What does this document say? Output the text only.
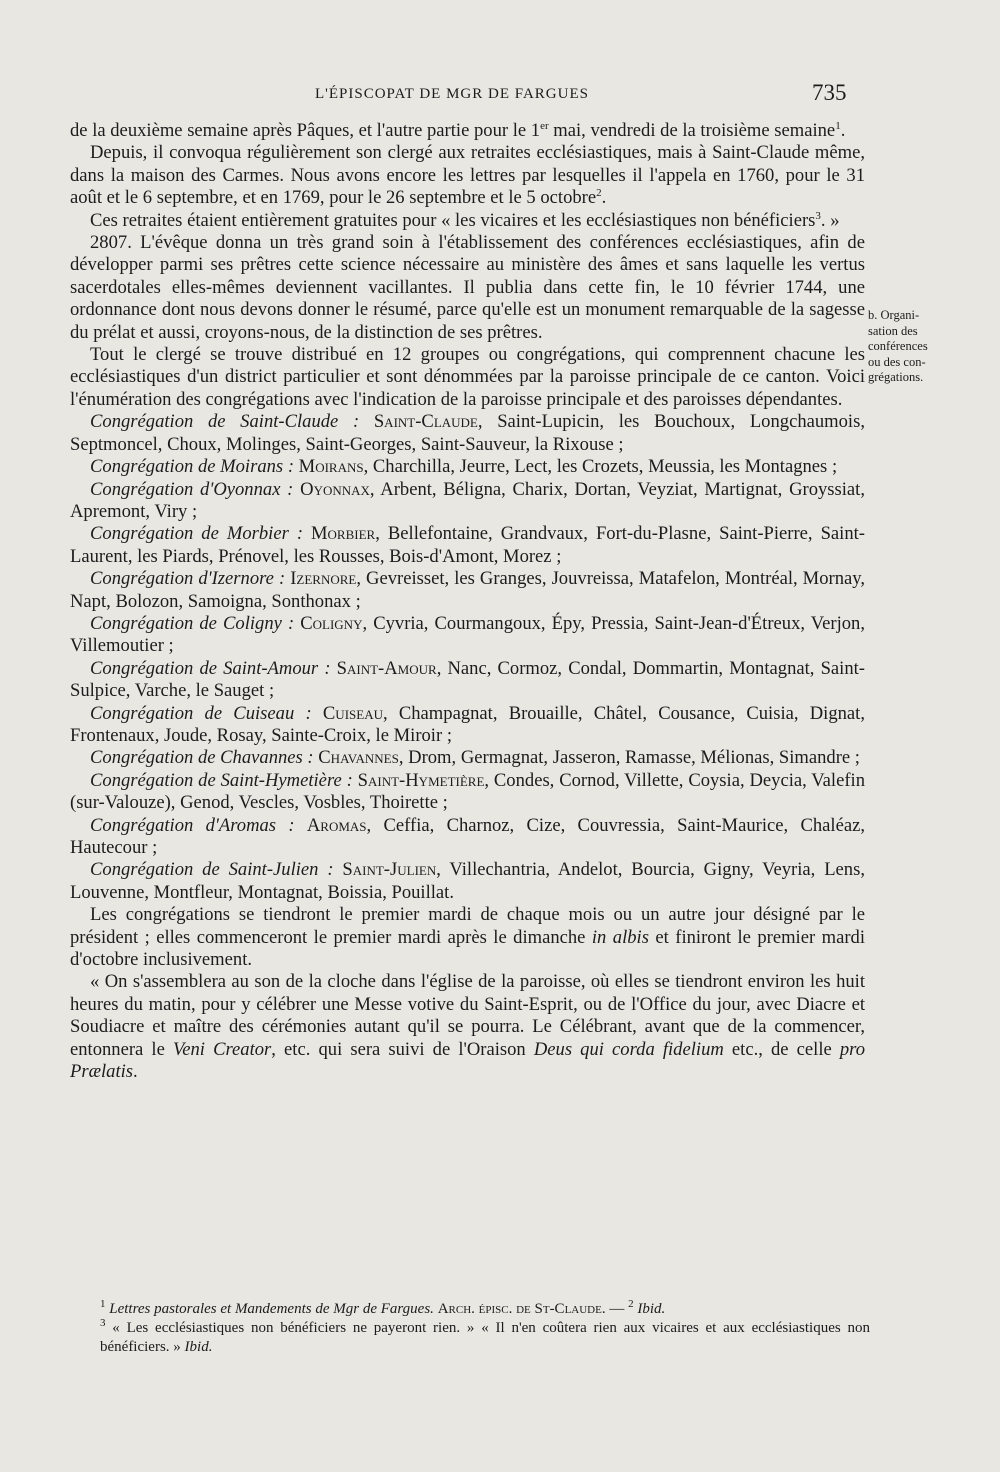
L'ÉPISCOPAT DE MGR DE FARGUES	735

de la deuxième semaine après Pâques, et l'autre partie pour le 1er mai, vendredi de la troisième semaine$^1$.

Depuis, il convoqua régulièrement son clergé aux retraites ecclésiastiques, mais à Saint-Claude même, dans la maison des Carmes. Nous avons encore les lettres par lesquelles il l'appela en 1760, pour le 31 août et le 6 septembre, et en 1769, pour le 26 septembre et le 5 octobre$^2$.

Ces retraites étaient entièrement gratuites pour « les vicaires et les ecclésiastiques non bénéficiers$^3$. »

2807. L'évêque donna un très grand soin à l'établissement des conférences ecclésiastiques, afin de développer parmi ses prêtres cette science nécessaire au ministère des âmes et sans laquelle les vertus sacerdotales elles-mêmes deviennent vacillantes. Il publia dans cette fin, le 10 février 1744, une ordonnance dont nous devons donner le résumé, parce qu'elle est un monument remarquable de la sagesse du prélat et aussi, croyons-nous, de la distinction de ses prêtres.

Tout le clergé se trouve distribué en 12 groupes ou congrégations, qui comprennent chacune les ecclésiastiques d'un district particulier et sont dénommées par la paroisse principale de ce canton. Voici l'énumération des congrégations avec l'indication de la paroisse principale et des paroisses dépendantes.

Congrégation de Saint-Claude : Saint-Claude, Saint-Lupicin, les Bouchoux, Longchaumois, Septmoncel, Choux, Molinges, Saint-Georges, Saint-Sauveur, la Rixouse ;

Congrégation de Moirans : Moirans, Charchilla, Jeurre, Lect, les Crozets, Meussia, les Montagnes ;

Congrégation d'Oyonnax : Oyonnax, Arbent, Béligna, Charix, Dortan, Veyziat, Martignat, Groyssiat, Apremont, Viry ;

Congrégation de Morbier : Morbier, Bellefontaine, Grandvaux, Fort-du-Plasne, Saint-Pierre, Saint-Laurent, les Piards, Prénovel, les Rousses, Bois-d'Amont, Morez ;

Congrégation d'Izernore : Izernore, Gevreisset, les Granges, Jouvreissa, Matafelon, Montréal, Mornay, Napt, Bolozon, Samoigna, Sonthonax ;

Congrégation de Coligny : Coligny, Cyvria, Courmangoux, Épy, Pressia, Saint-Jean-d'Étreux, Verjon, Villemoutier ;

Congrégation de Saint-Amour : Saint-Amour, Nanc, Cormoz, Condal, Dommartin, Montagnat, Saint-Sulpice, Varche, le Sauget ;

Congrégation de Cuiseau : Cuiseau, Champagnat, Brouaille, Châtel, Cousance, Cuisia, Dignat, Frontenaux, Joude, Rosay, Sainte-Croix, le Miroir ;

Congrégation de Chavannes : Chavannes, Drom, Germagnat, Jasseron, Ramasse, Mélionas, Simandre ;

Congrégation de Saint-Hymetière : Saint-Hymetière, Condes, Cornod, Villette, Coysia, Deycia, Valefin (sur-Valouze), Genod, Vescles, Vosbles, Thoirette ;

Congrégation d'Aromas : Aromas, Ceffia, Charnoz, Cize, Couvressia, Saint-Maurice, Chaléaz, Hautecour ;

Congrégation de Saint-Julien : Saint-Julien, Villechantria, Andelot, Bourcia, Gigny, Veyria, Lens, Louvenne, Montfleur, Montagnat, Boissia, Pouillat.

Les congrégations se tiendront le premier mardi de chaque mois ou un autre jour désigné par le président ; elles commenceront le premier mardi après le dimanche in albis et finiront le premier mardi d'octobre inclusivement.

« On s'assemblera au son de la cloche dans l'église de la paroisse, où elles se tiendront environ les huit heures du matin, pour y célébrer une Messe votive du Saint-Esprit, ou de l'Office du jour, avec Diacre et Soudiacre et maître des cérémonies autant qu'il se pourra. Le Célébrant, avant que de la commencer, entonnera le Veni Creator, etc. qui sera suivi de l'Oraison Deus qui corda fidelium etc., de celle pro Prælatis.

b. Organi-
sation des
conférences
ou des con-
grégations.

$^1$ Lettres pastorales et Mandements de Mgr de Fargues. Arch. épisc. de St-Claude. — $^2$ Ibid.

$^3$ « Les ecclésiastiques non bénéficiers ne payeront rien. » « Il n'en coûtera rien aux vicaires et aux ecclésiastiques non bénéficiers. » Ibid.
